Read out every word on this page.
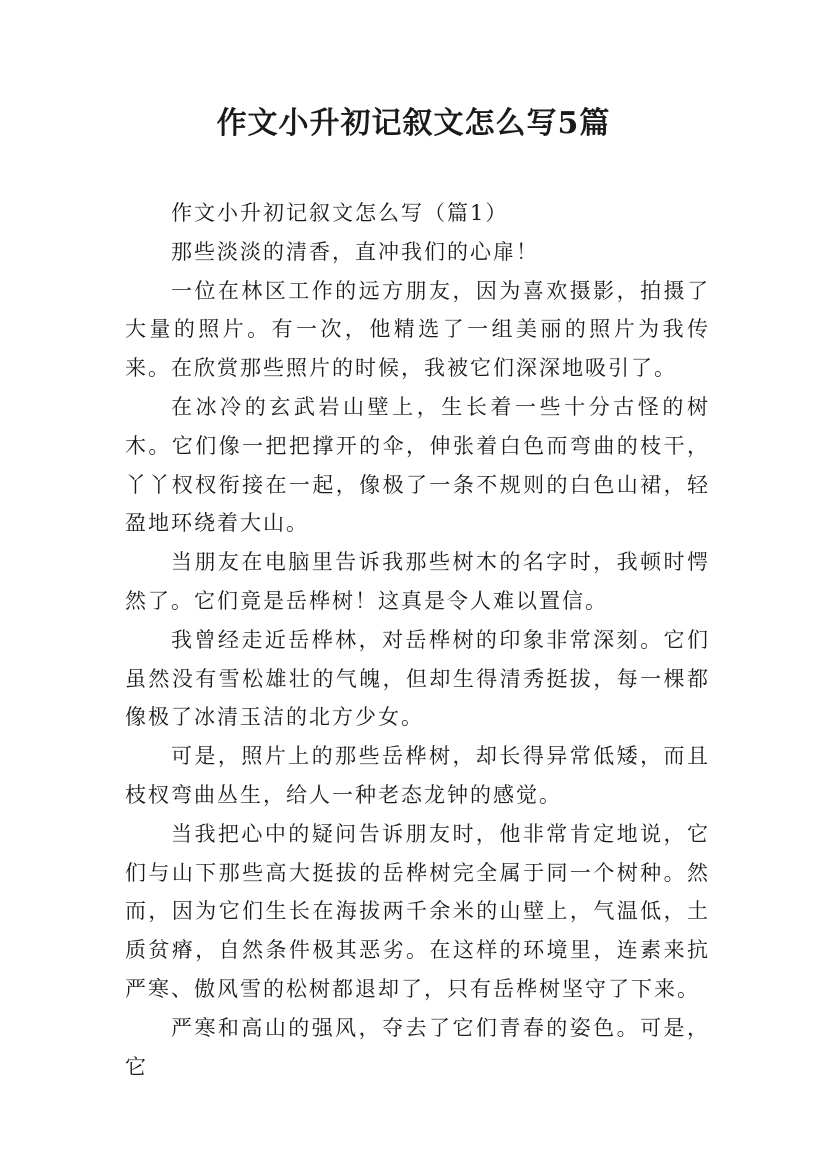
作文小升初记叙文怎么写5篇

作文小升初记叙文怎么写（篇1）

那些淡淡的清香，直冲我们的心扉！

一位在林区工作的远方朋友，因为喜欢摄影，拍摄了大量的照片。有一次，他精选了一组美丽的照片为我传来。在欣赏那些照片的时候，我被它们深深地吸引了。

在冰冷的玄武岩山壁上，生长着一些十分古怪的树木。它们像一把把撑开的伞，伸张着白色而弯曲的枝干，丫丫杈杈衔接在一起，像极了一条不规则的白色山裙，轻盈地环绕着大山。

当朋友在电脑里告诉我那些树木的名字时，我顿时愕然了。它们竟是岳桦树！这真是令人难以置信。

我曾经走近岳桦林，对岳桦树的印象非常深刻。它们虽然没有雪松雄壮的气魄，但却生得清秀挺拔，每一棵都像极了冰清玉洁的北方少女。

可是，照片上的那些岳桦树，却长得异常低矮，而且枝杈弯曲丛生，给人一种老态龙钟的感觉。

当我把心中的疑问告诉朋友时，他非常肯定地说，它们与山下那些高大挺拔的岳桦树完全属于同一个树种。然而，因为它们生长在海拔两千余米的山壁上，气温低，土质贫瘠，自然条件极其恶劣。在这样的环境里，连素来抗严寒、傲风雪的松树都退却了，只有岳桦树坚守了下来。

严寒和高山的强风，夺去了它们青春的姿色。可是，它
